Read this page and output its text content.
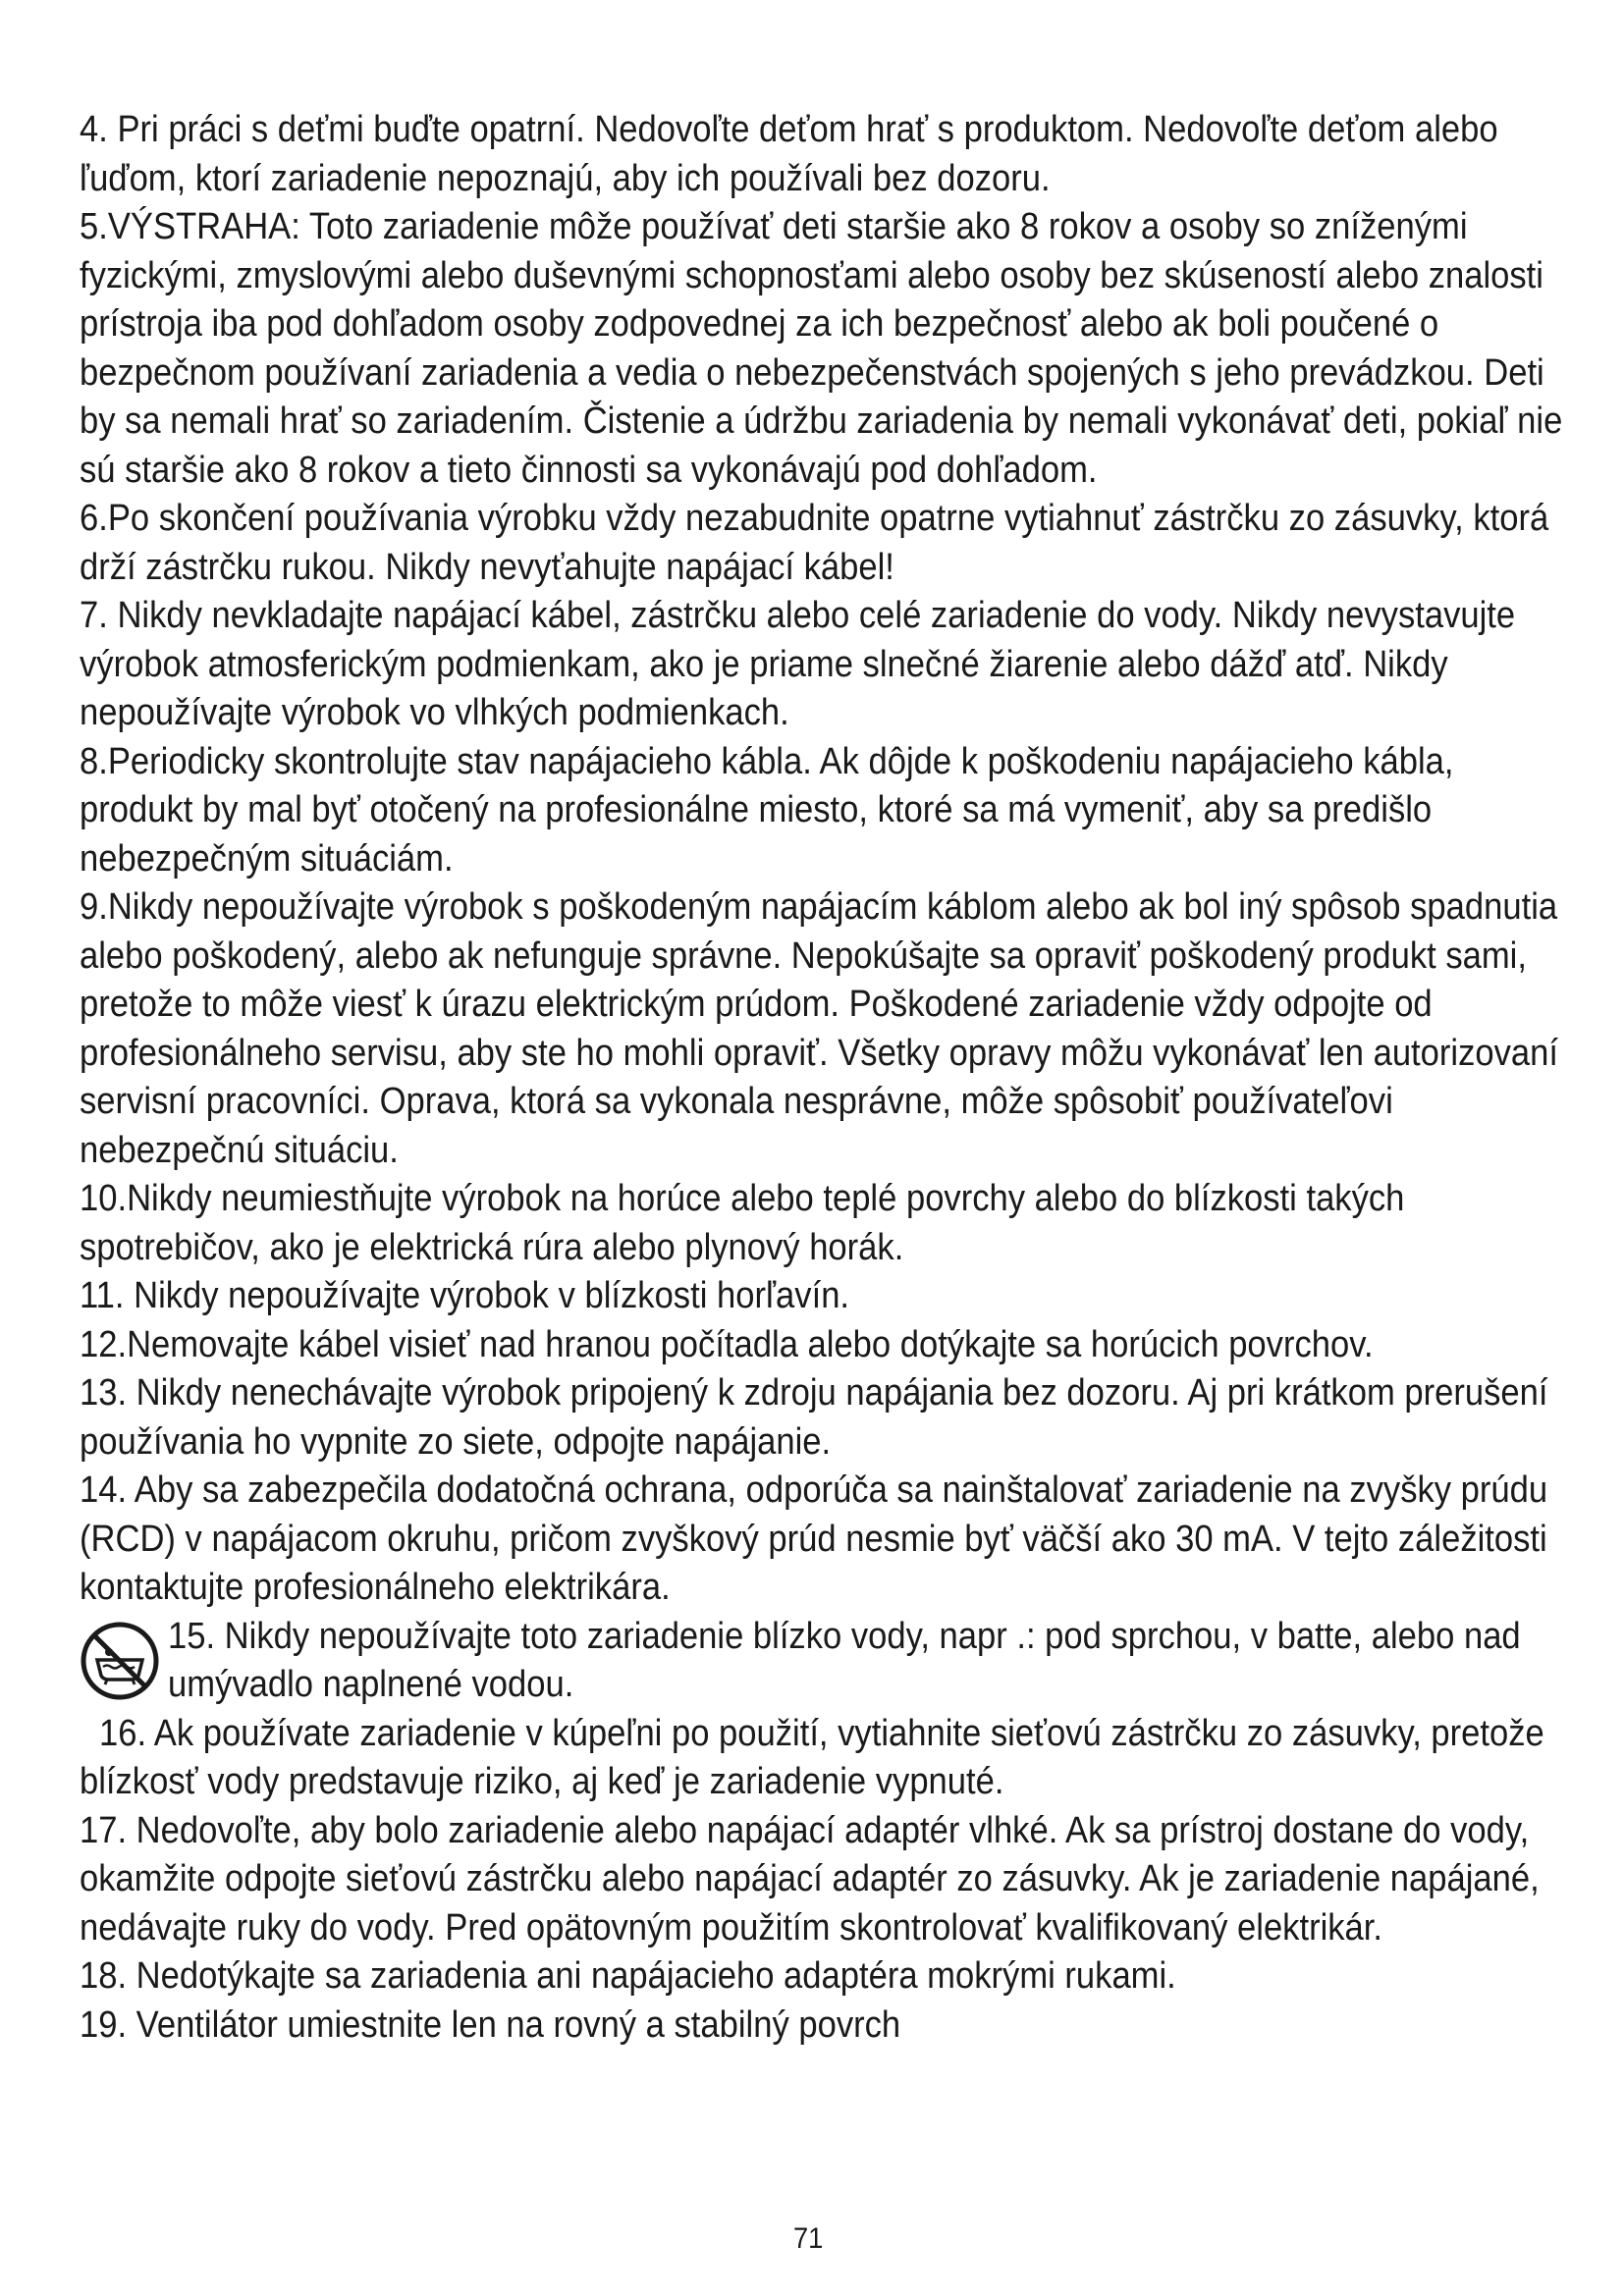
4. Pri práci s deťmi buďte opatrní. Nedovoľte deťom hrať s produktom. Nedovoľte deťom alebo ľuďom, ktorí zariadenie nepoznajú, aby ich používali bez dozoru.

5.VÝSTRAHA: Toto zariadenie môže používať deti staršie ako 8 rokov a osoby so zníženými fyzickými, zmyslovými alebo duševnými schopnosťami alebo osoby bez skúseností alebo znalosti prístroja iba pod dohľadom osoby zodpovednej za ich bezpečnosť alebo ak boli poučené o bezpečnom používaní zariadenia a vedia o nebezpečenstvách spojených s jeho prevádzkou. Deti by sa nemali hrať so zariadením. Čistenie a údržbu zariadenia by nemali vykonávať deti, pokiaľ nie sú staršie ako 8 rokov a tieto činnosti sa vykonávajú pod dohľadom.

6.Po skončení používania výrobku vždy nezabudnite opatrne vytiahnuť zástrčku zo zásuvky, ktorá drží zástrčku rukou. Nikdy nevyťahujte napájací kábel!

7. Nikdy nevkladajte napájací kábel, zástrčku alebo celé zariadenie do vody. Nikdy nevystavujte výrobok atmosferickým podmienkam, ako je priame slnečné žiarenie alebo dážď atď. Nikdy nepoužívajte výrobok vo vlhkých podmienkach.

8.Periodicky skontrolujte stav napájacieho kábla. Ak dôjde k poškodeniu napájacieho kábla, produkt by mal byť otočený na profesionálne miesto, ktoré sa má vymeniť, aby sa predišlo nebezpečným situáciám.

9.Nikdy nepoužívajte výrobok s poškodeným napájacím káblom alebo ak bol iný spôsob spadnutia alebo poškodený, alebo ak nefunguje správne. Nepokúšajte sa opraviť poškodený produkt sami, pretože to môže viesť k úrazu elektrickým prúdom. Poškodené zariadenie vždy odpojte od profesionálneho servisu, aby ste ho mohli opraviť. Všetky opravy môžu vykonávať len autorizovaní servisní pracovníci. Oprava, ktorá sa vykonala nesprávne, môže spôsobiť používateľovi nebezpečnú situáciu.

10.Nikdy neumiestňujte výrobok na horúce alebo teplé povrchy alebo do blízkosti takých spotrebičov, ako je elektrická rúra alebo plynový horák.

11. Nikdy nepoužívajte výrobok v blízkosti horľavín.

12.Nemovajte kábel visieť nad hranou počítadla alebo dotýkajte sa horúcich povrchov.

13. Nikdy nenechávajte výrobok pripojený k zdroju napájania bez dozoru. Aj pri krátkom prerušení používania ho vypnite zo siete, odpojte napájanie.

14. Aby sa zabezpečila dodatočná ochrana, odporúča sa nainštalovať zariadenie na zvyšky prúdu (RCD) v napájacom okruhu, pričom zvyškový prúd nesmie byť väčší ako 30 mA. V tejto záležitosti kontaktujte profesionálneho elektrikára.

15. Nikdy nepoužívajte toto zariadenie blízko vody, napr .: pod sprchou, v batte, alebo nad umývadlo naplnené vodou.

16. Ak používate zariadenie v kúpeľni po použití, vytiahnite sieťovú zástrčku zo zásuvky, pretože blízkosť vody predstavuje riziko, aj keď je zariadenie vypnuté.

17. Nedovoľte, aby bolo zariadenie alebo napájací adaptér vlhké. Ak sa prístroj dostane do vody, okamžite odpojte sieťovú zástrčku alebo napájací adaptér zo zásuvky. Ak je zariadenie napájané, nedávajte ruky do vody. Pred opätovným použitím skontrolovať kvalifikovaný elektrikár.

18. Nedotýkajte sa zariadenia ani napájacieho adaptéra mokrými rukami.

19. Ventilátor umiestnite len na rovný a stabilný povrch

71
